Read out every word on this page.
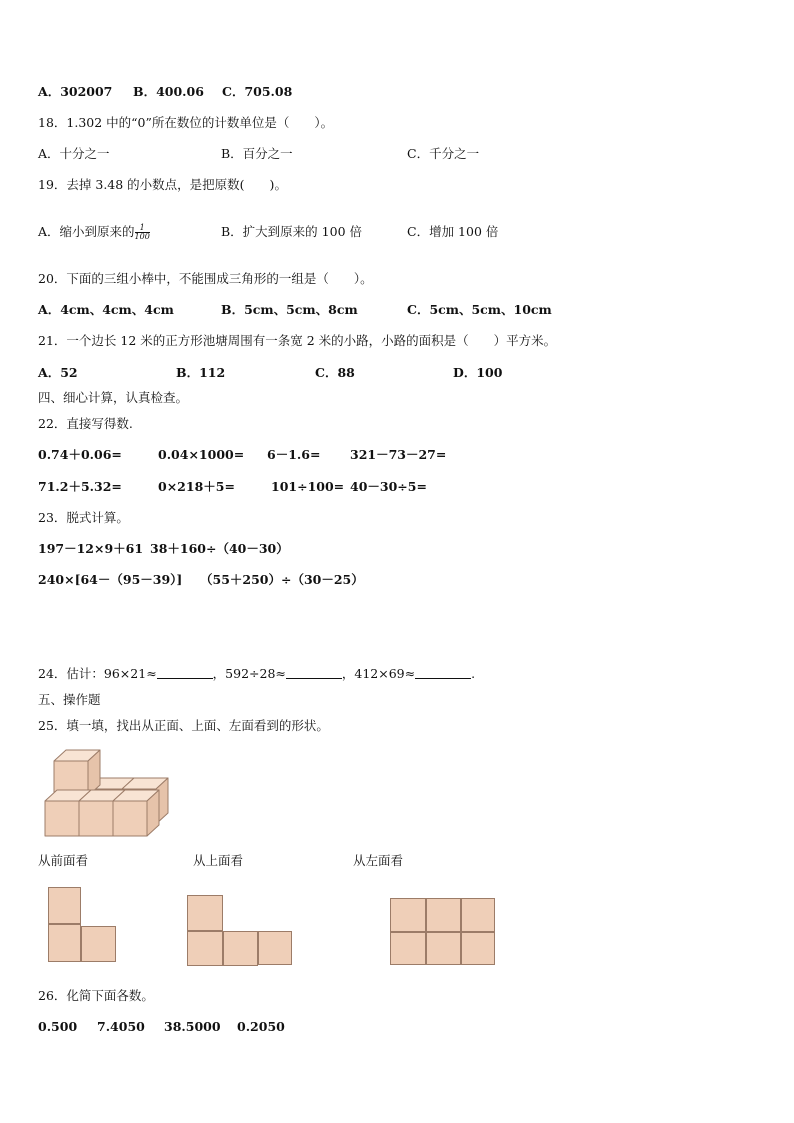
A．302007 B．400.06 C．705.08
18．1.302 中的“0”所在数位的计数单位是（　　）。
A．十分之一	B．百分之一	C．千分之一
19．去掉 3.48 的小数点，是把原数(　　)。
A．缩小到原来的 $\frac{1}{100}$	B．扩大到原来的 100 倍	C．增加 100 倍
20．下面的三组小棒中，不能围成三角形的一组是（　　）。
A．4cm、4cm、4cm	B．5cm、5cm、8cm	C．5cm、5cm、10cm
21．一个边长 12 米的正方形池塘周围有一条宽 2 米的小路，小路的面积是（　　）平方米。
A．52	B．112	C．88	D．100
四、细心计算，认真检查。
22．直接写得数.
0.74＋0.06=	0.04×1000= 6－1.6= 321－73－27=
71.2＋5.32=	0×218＋5=	101÷100= 40－30÷5=
23．脱式计算。
197－12×9＋61 38＋160÷（40－30）
240×[64－（95－39）] （55＋250）÷（30－25）
24．估计：96×21≈	，592÷28≈	，412×69≈	.
五、操作题
25．填一填，找出从正面、上面、左面看到的形状。
从前面看	从上面看	从左面看
26．化简下面各数。
0.500 7.4050 38.5000 0.2050
